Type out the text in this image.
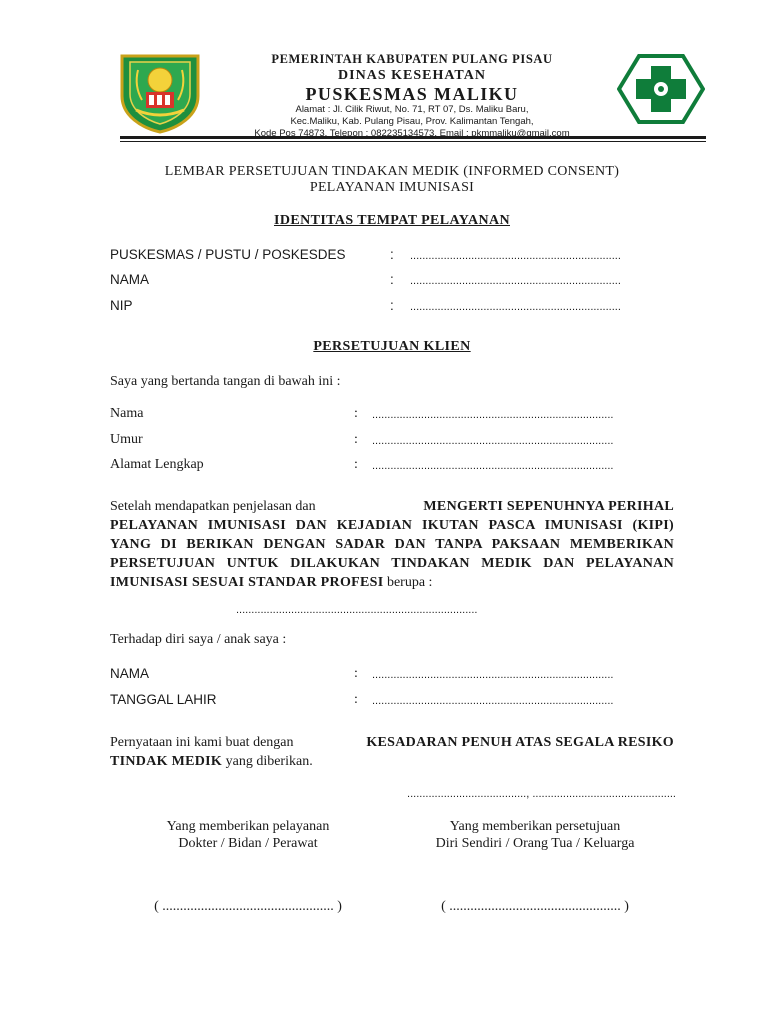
PEMERINTAH KABUPATEN PULANG PISAU
DINAS KESEHATAN
PUSKESMAS MALIKU
Alamat : Jl. Cilik Riwut, No. 71, RT 07, Ds. Maliku Baru,
Kec.Maliku, Kab. Pulang Pisau, Prov. Kalimantan Tengah,
Kode Pos 74873, Telepon : 082235134573, Email : pkmmaliku@gmail.com
LEMBAR PERSETUJUAN TINDAKAN MEDIK (INFORMED CONSENT)
PELAYANAN IMUNISASI
IDENTITAS TEMPAT PELAYANAN
PUSKESMAS / PUSTU / POSKESDES	: .....................................................................
NAMA	: .....................................................................
NIP	: .....................................................................
PERSETUJUAN KLIEN
Saya yang bertanda tangan di bawah ini :
Nama	: ...............................................................................
Umur	: ...............................................................................
Alamat Lengkap	: ...............................................................................
Setelah mendapatkan penjelasan dan	MENGERTI SEPENUHNYA PERIHAL
PELAYANAN IMUNISASI DAN KEJADIAN IKUTAN PASCA IMUNISASI (KIPI)
YANG DI BERIKAN DENGAN SADAR DAN TANPA PAKSAAN MEMBERIKAN
PERSETUJUAN UNTUK DILAKUKAN TINDAKAN MEDIK DAN PELAYANAN
IMUNISASI SESUAI STANDAR PROFESI berupa :
...............................................................................
Terhadap diri saya / anak saya :
NAMA	: ...............................................................................
TANGGAL LAHIR	: ...............................................................................
Pernyataan ini kami buat dengan	KESADARAN PENUH ATAS SEGALA RESIKO
TINDAK MEDIK yang diberikan.
......................................., ...............................................
Yang memberikan pelayanan
Dokter / Bidan / Perawat
Yang memberikan persetujuan
Diri Sendiri / Orang Tua / Keluarga
( ................................................. )	( ................................................. )
